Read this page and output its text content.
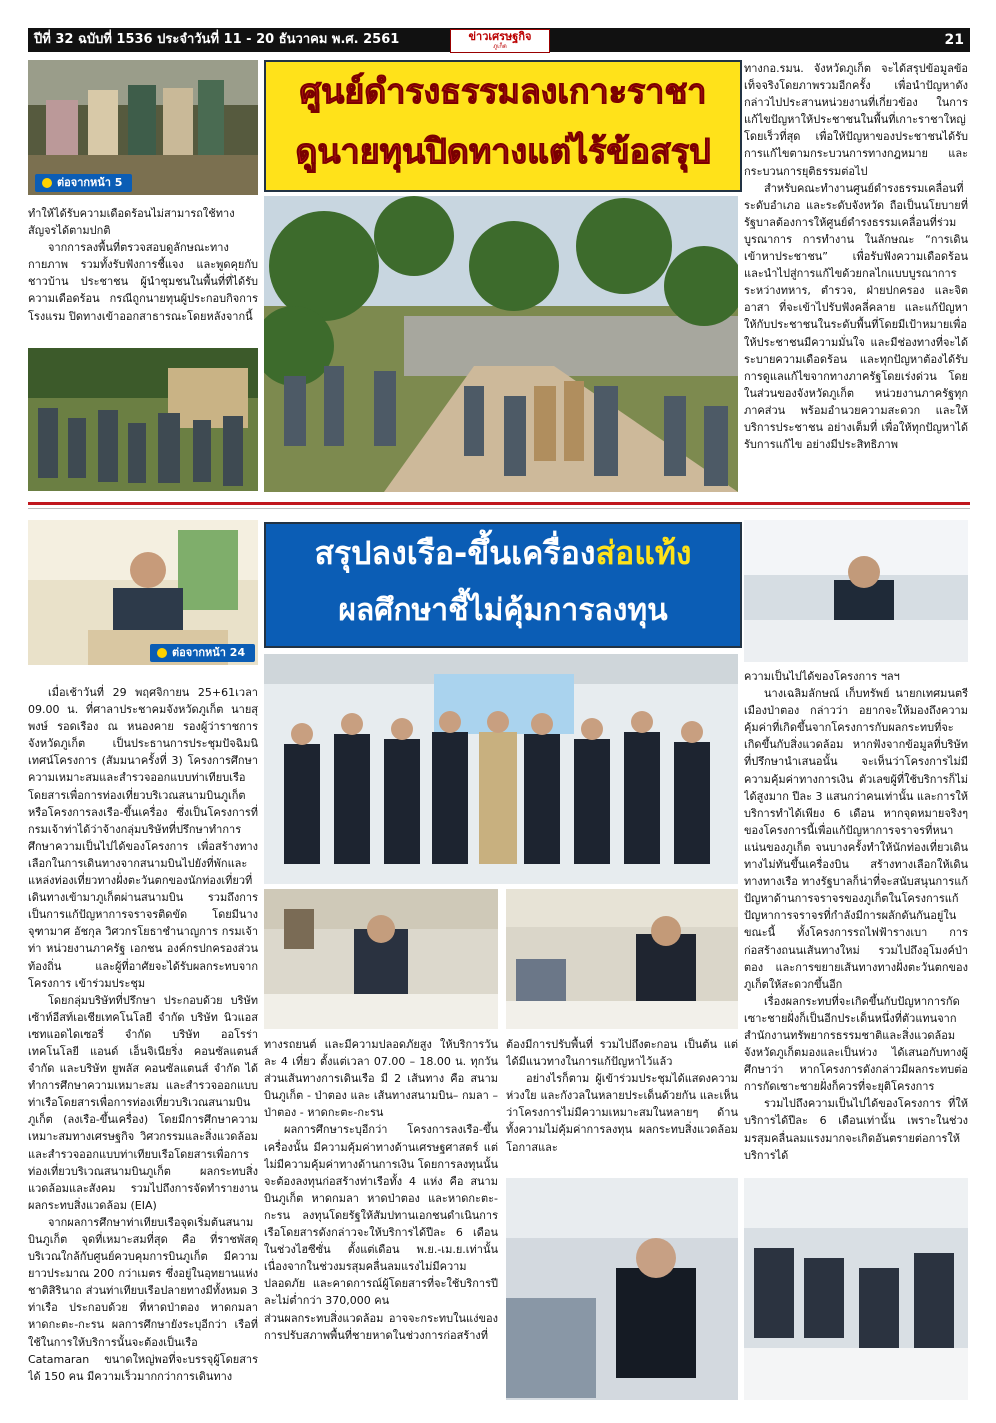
ปีที่ 32 ฉบับที่ 1536 ประจำวันที่ 11 - 20 ธันวาคม พ.ศ. 2561	ข่าวเศรษฐกิจ
ภูเก็ต	21
ต่อจากหน้า 5
ศูนย์ดำรงธรรมลงเกาะราชา
ดูนายทุนปิดทางแต่ไร้ข้อสรุป

ทำให้ได้รับความเดือดร้อนไม่สามารถใช้ทางสัญจรได้ตามปกติ

จากการลงพื้นที่ตรวจสอบดูลักษณะทางกายภาพ รวมทั้งรับฟังการชี้แจง และพูดคุยกับชาวบ้าน ประชาชน ผู้นำชุมชนในพื้นที่ที่ได้รับความเดือดร้อน กรณีถูกนายทุนผู้ประกอบกิจการโรงแรม ปิดทางเข้าออกสาธารณะโดยหลังจากนี้

ทางกอ.รมน. จังหวัดภูเก็ต จะได้สรุปข้อมูลข้อเท็จจริงโดยภาพรวมอีกครั้ง เพื่อนำปัญหาดังกล่าวไปประสานหน่วยงานที่เกี่ยวข้อง ในการแก้ไขปัญหาให้ประชาชนในพื้นที่เกาะราชาใหญ่ โดยเร็วที่สุด เพื่อให้ปัญหาของประชาชนได้รับการแก้ไขตามกระบวนการทางกฎหมาย และกระบวนการยุติธรรมต่อไป

สำหรับคณะทำงานศูนย์ดำรงธรรมเคลื่อนที่ระดับอำเภอ และระดับจังหวัด ถือเป็นนโยบายที่รัฐบาลต้องการให้ศูนย์ดำรงธรรมเคลื่อนที่ร่วมบูรณาการ การทำงาน ในลักษณะ “การเดินเข้าหาประชาชน” เพื่อรับฟังความเดือดร้อน และนำไปสู่การแก้ไขด้วยกลไกแบบบูรณาการระหว่างทหาร, ตำรวจ, ฝ่ายปกครอง และจิตอาสา ที่จะเข้าไปรับฟังคลี่คลาย และแก้ปัญหาให้กับประชาชนในระดับพื้นที่โดยมีเป้าหมายเพื่อให้ประชาชนมีความมั่นใจ และมีช่องทางที่จะได้ระบายความเดือดร้อน และทุกปัญหาต้องได้รับการดูแลแก้ไขจากทางภาครัฐโดยเร่งด่วน โดยในส่วนของจังหวัดภูเก็ต หน่วยงานภาครัฐทุกภาคส่วน พร้อมอำนวยความสะดวก และให้บริการประชาชน อย่างเต็มที่ เพื่อให้ทุกปัญหาได้รับการแก้ไข อย่างมีประสิทธิภาพ

ต่อจากหน้า 24
สรุปลงเรือ-ขึ้นเครื่องส่อแท้ง
ผลศึกษาชี้ไม่คุ้มการลงทุน

เมื่อเช้าวันที่ 29 พฤศจิกายน 25+61เวลา 09.00 น. ที่ศาลาประชาคมจังหวัดภูเก็ต นายสุพงษ์ รอดเรือง ณ หนองคาย รองผู้ว่าราชการจังหวัดภูเก็ต เป็นประธานการประชุมปัจฉิมนิเทศน์โครงการ (สัมมนาครั้งที่ 3) โครงการศึกษาความเหมาะสมและสำรวจออกแบบท่าเทียบเรือโดยสารเพื่อการท่องเที่ยวบริเวณสนามบินภูเก็ต หรือโครงการลงเรือ-ขึ้นเครื่อง ซึ่งเป็นโครงการที่กรมเจ้าท่าได้ว่าจ้างกลุ่มบริษัทที่ปรึกษาทำการศึกษาความเป็นไปได้ของโครงการ เพื่อสร้างทางเลือกในการเดินทางจากสนามบินไปยังที่พักและแหล่งท่องเที่ยวทางฝั่งตะวันตกของนักท่องเที่ยวที่เดินทางเข้ามาภูเก็ตผ่านสนามบิน รวมถึงการเป็นการแก้ปัญหาการจราจรติดขัด โดยมีนางจุฑามาศ อัชกุล วิศวกรโยธาชำนาญการ กรมเจ้าท่า หน่วยงานภาครัฐ เอกชน องค์กรปกครองส่วนท้องถิ่น และผู้ที่อาศัยจะได้รับผลกระทบจากโครงการ เข้าร่วมประชุม

โดยกลุ่มบริษัทที่ปรึกษา ประกอบด้วย บริษัทเซ้าท์อีสท์เอเชียเทคโนโลยี จำกัด บริษัท นิวแอสเซทแอดไดเซอรี่ จำกัด บริษัท ออโรร่า เทคโนโลยี แอนด์ เอ็นจิเนียริ่ง คอนซัลแตนส์ จำกัด และบริษัท ยูพลัส คอนซัลแตนส์ จำกัด ได้ทำการศึกษาความเหมาะสม และสำรวจออกแบบท่าเรือโดยสารเพื่อการท่องเที่ยวบริเวณสนามบินภูเก็ต (ลงเรือ-ขึ้นเครื่อง) โดยมีการศึกษาความเหมาะสมทางเศรษฐกิจ วิศวกรรมและสิ่งแวดล้อมและสำรวจออกแบบท่าเทียบเรือโดยสารเพื่อการท่องเที่ยวบริเวณสนามบินภูเก็ต ผลกระทบสิ่งแวดล้อมและสังคม รวมไปถึงการจัดทำรายงานผลกระทบสิ่งแวดล้อม (EIA)

จากผลการศึกษาท่าเทียบเรือจุดเริ่มต้นสนามบินภูเก็ต จุดที่เหมาะสมที่สุด คือ ที่ราชพัสดุบริเวณใกล้กับศูนย์ควบคุมการบินภูเก็ต มีความยาวประมาณ 200 กว่าเมตร ซึ่งอยู่ในอุทยานแห่งชาติสิรินาถ ส่วนท่าเทียบเรือปลายทางมีทั้งหมด 3 ท่าเรือ ประกอบด้วย ที่หาดป่าตอง หาดกมลา หาดกะตะ-กะรน ผลการศึกษายังระบุอีกว่า เรือที่ใช้ในการให้บริการนั้นจะต้องเป็นเรือ Catamaran ขนาดใหญ่พอที่จะบรรจุผู้โดยสารได้ 150 คน มีความเร็วมากกว่าการเดินทาง

ทางรถยนต์ และมีความปลอดภัยสูง ให้บริการวันละ 4 เที่ยว ตั้งแต่เวลา 07.00 – 18.00 น. ทุกวัน ส่วนเส้นทางการเดินเรือ มี 2 เส้นทาง คือ สนามบินภูเก็ต - ป่าตอง และ เส้นทางสนามบิน– กมลา – ป่าตอง - หาดกะตะ-กะรน

ผลการศึกษาระบุอีกว่า โครงการลงเรือ-ขึ้นเครื่องนั้น มีความคุ้มค่าทางด้านเศรษฐศาสตร์ แต่ไม่มีความคุ้มค่าทางด้านการเงิน โดยการลงทุนนั้นจะต้องลงทุนก่อสร้างท่าเรือทั้ง 4 แห่ง คือ สนามบินภูเก็ต หาดกมลา หาดป่าตอง และหาดกะตะ-กะรน ลงทุนโดยรัฐให้สัมปทานเอกชนดำเนินการ เรือโดยสารดังกล่าวจะให้บริการได้ปีละ 6 เดือน ในช่วงไฮซีซั่น ตั้งแต่เดือน พ.ย.-เม.ย.เท่านั้น เนื่องจากในช่วงมรสุมคลื่นลมแรงไม่มีความปลอดภัย และคาดการณ์ผู้โดยสารที่จะใช้บริการปีละไม่ต่ำกว่า 370,000 คน

ส่วนผลกระทบสิ่งแวดล้อม อาจจะกระทบในแง่ของการปรับสภาพพื้นที่ชายหาดในช่วงการก่อสร้างที่

ต้องมีการปรับพื้นที่ รวมไปถึงตะกอน เป็นต้น แต่ได้มีแนวทางในการแก้ปัญหาไว้แล้ว

อย่างไรก็ตาม ผู้เข้าร่วมประชุมได้แสดงความห่วงใย และกังวลในหลายประเด็นด้วยกัน และเห็นว่าโครงการไม่มีความเหมาะสมในหลายๆ ด้าน ทั้งความไม่คุ้มค่าการลงทุน ผลกระทบสิ่งแวดล้อม โอกาสและ

ความเป็นไปได้ของโครงการ ฯลฯ

นางเฉลิมลักษณ์ เก็บทรัพย์ นายกเทศมนตรีเมืองป่าตอง กล่าวว่า อยากจะให้มองถึงความคุ้มค่าที่เกิดขึ้นจากโครงการกับผลกระทบที่จะเกิดขึ้นกับสิ่งแวดล้อม หากฟังจากข้อมูลที่บริษัทที่ปรึกษานำเสนอนั้น จะเห็นว่าโครงการไม่มีความคุ้มค่าทางการเงิน ตัวเลขผู้ที่ใช้บริการก็ไม่ได้สูงมาก ปีละ 3 แสนกว่าคนเท่านั้น และการให้บริการทำได้เพียง 6 เดือน หากจุดหมายจริงๆ ของโครงการนี้เพื่อแก้ปัญหาการจราจรที่หนาแน่นของภูเก็ต จนบางครั้งทำให้นักท่องเที่ยวเดินทางไม่ทันขึ้นเครื่องบิน สร้างทางเลือกให้เดินทางทางเรือ ทางรัฐบาลก็น่าที่จะสนับสนุนการแก้ปัญหาด้านการจราจรของภูเก็ตในโครงการแก้ปัญหาการจราจรที่กำลังมีการผลักดันกันอยู่ในขณะนี้ ทั้งโครงการรถไฟฟ้ารางเบา การก่อสร้างถนนเส้นทางใหม่ รวมไปถึงอุโมงค์ป่าตอง และการขยายเส้นทางทางฝั่งตะวันตกของภูเก็ตให้สะดวกขึ้นอีก

เรื่องผลกระทบที่จะเกิดขึ้นกับปัญหาการกัดเซาะชายฝั่งก็เป็นอีกประเด็นหนึ่งที่ตัวแทนจากสำนักงานทรัพยากรธรรมชาติและสิ่งแวดล้อมจังหวัดภูเก็ตมองและเป็นห่วง ได้เสนอกับทางผู้ศึกษาว่า หากโครงการดังกล่าวมีผลกระทบต่อการกัดเซาะชายฝั่งก็ควรที่จะยุติโครงการ

รวมไปถึงความเป็นไปได้ของโครงการ ที่ให้บริการได้ปีละ 6 เดือนเท่านั้น เพราะในช่วงมรสุมคลื่นลมแรงมากจะเกิดอันตรายต่อการให้บริการได้
